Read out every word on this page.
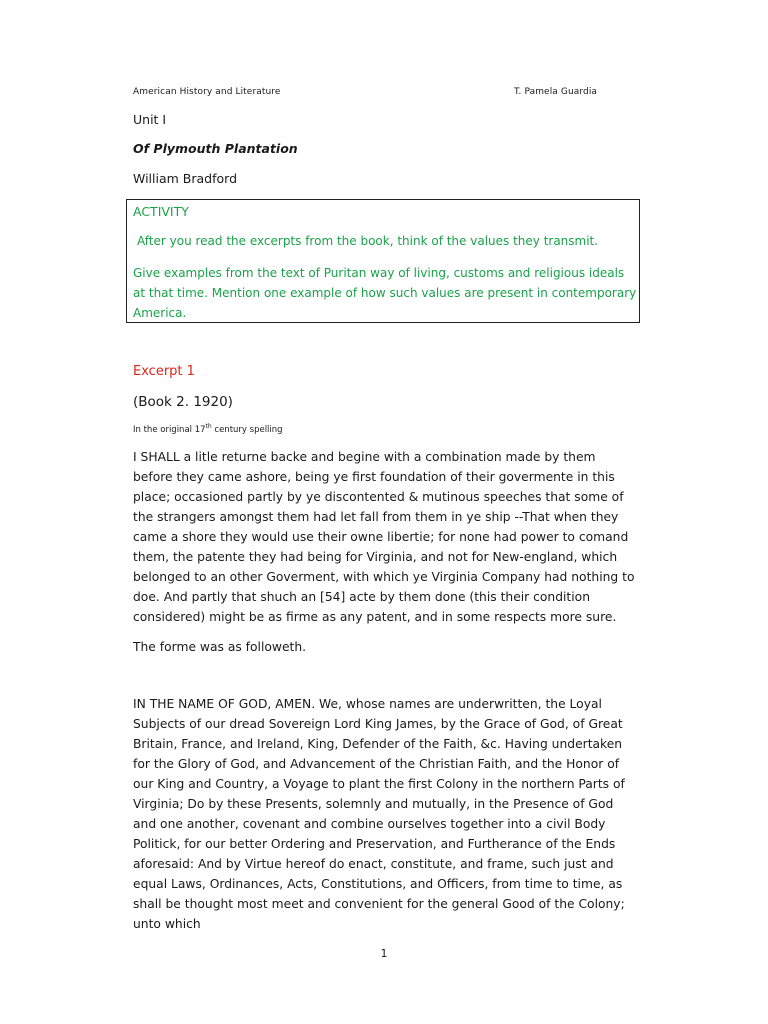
American History and Literature	T. Pamela Guardia
Unit I
Of Plymouth Plantation
William Bradford
ACTIVITY
After you read the excerpts from the book, think of the values they transmit.
Give examples from the text of Puritan way of living, customs and religious ideals at that time. Mention one example of how such values are present in contemporary America.
Excerpt 1
(Book 2. 1920)
In the original 17th century spelling
I SHALL a litle returne backe and begine with a combination made by them before they came ashore, being ye first foundation of their govermente in this place; occasioned partly by ye discontented & mutinous speeches that some of the strangers amongst them had let fall from them in ye ship --That when they came a shore they would use their owne libertie; for none had power to comand them, the patente they had being for Virginia, and not for New-england, which belonged to an other Goverment, with which ye Virginia Company had nothing to doe. And partly that shuch an [54] acte by them done (this their condition considered) might be as firme as any patent, and in some respects more sure.
The forme was as followeth.
IN THE NAME OF GOD, AMEN. We, whose names are underwritten, the Loyal Subjects of our dread Sovereign Lord King James, by the Grace of God, of Great Britain, France, and Ireland, King, Defender of the Faith, &c. Having undertaken for the Glory of God, and Advancement of the Christian Faith, and the Honor of our King and Country, a Voyage to plant the first Colony in the northern Parts of Virginia; Do by these Presents, solemnly and mutually, in the Presence of God and one another, covenant and combine ourselves together into a civil Body Politick, for our better Ordering and Preservation, and Furtherance of the Ends aforesaid: And by Virtue hereof do enact, constitute, and frame, such just and equal Laws, Ordinances, Acts, Constitutions, and Officers, from time to time, as shall be thought most meet and convenient for the general Good of the Colony; unto which
1
